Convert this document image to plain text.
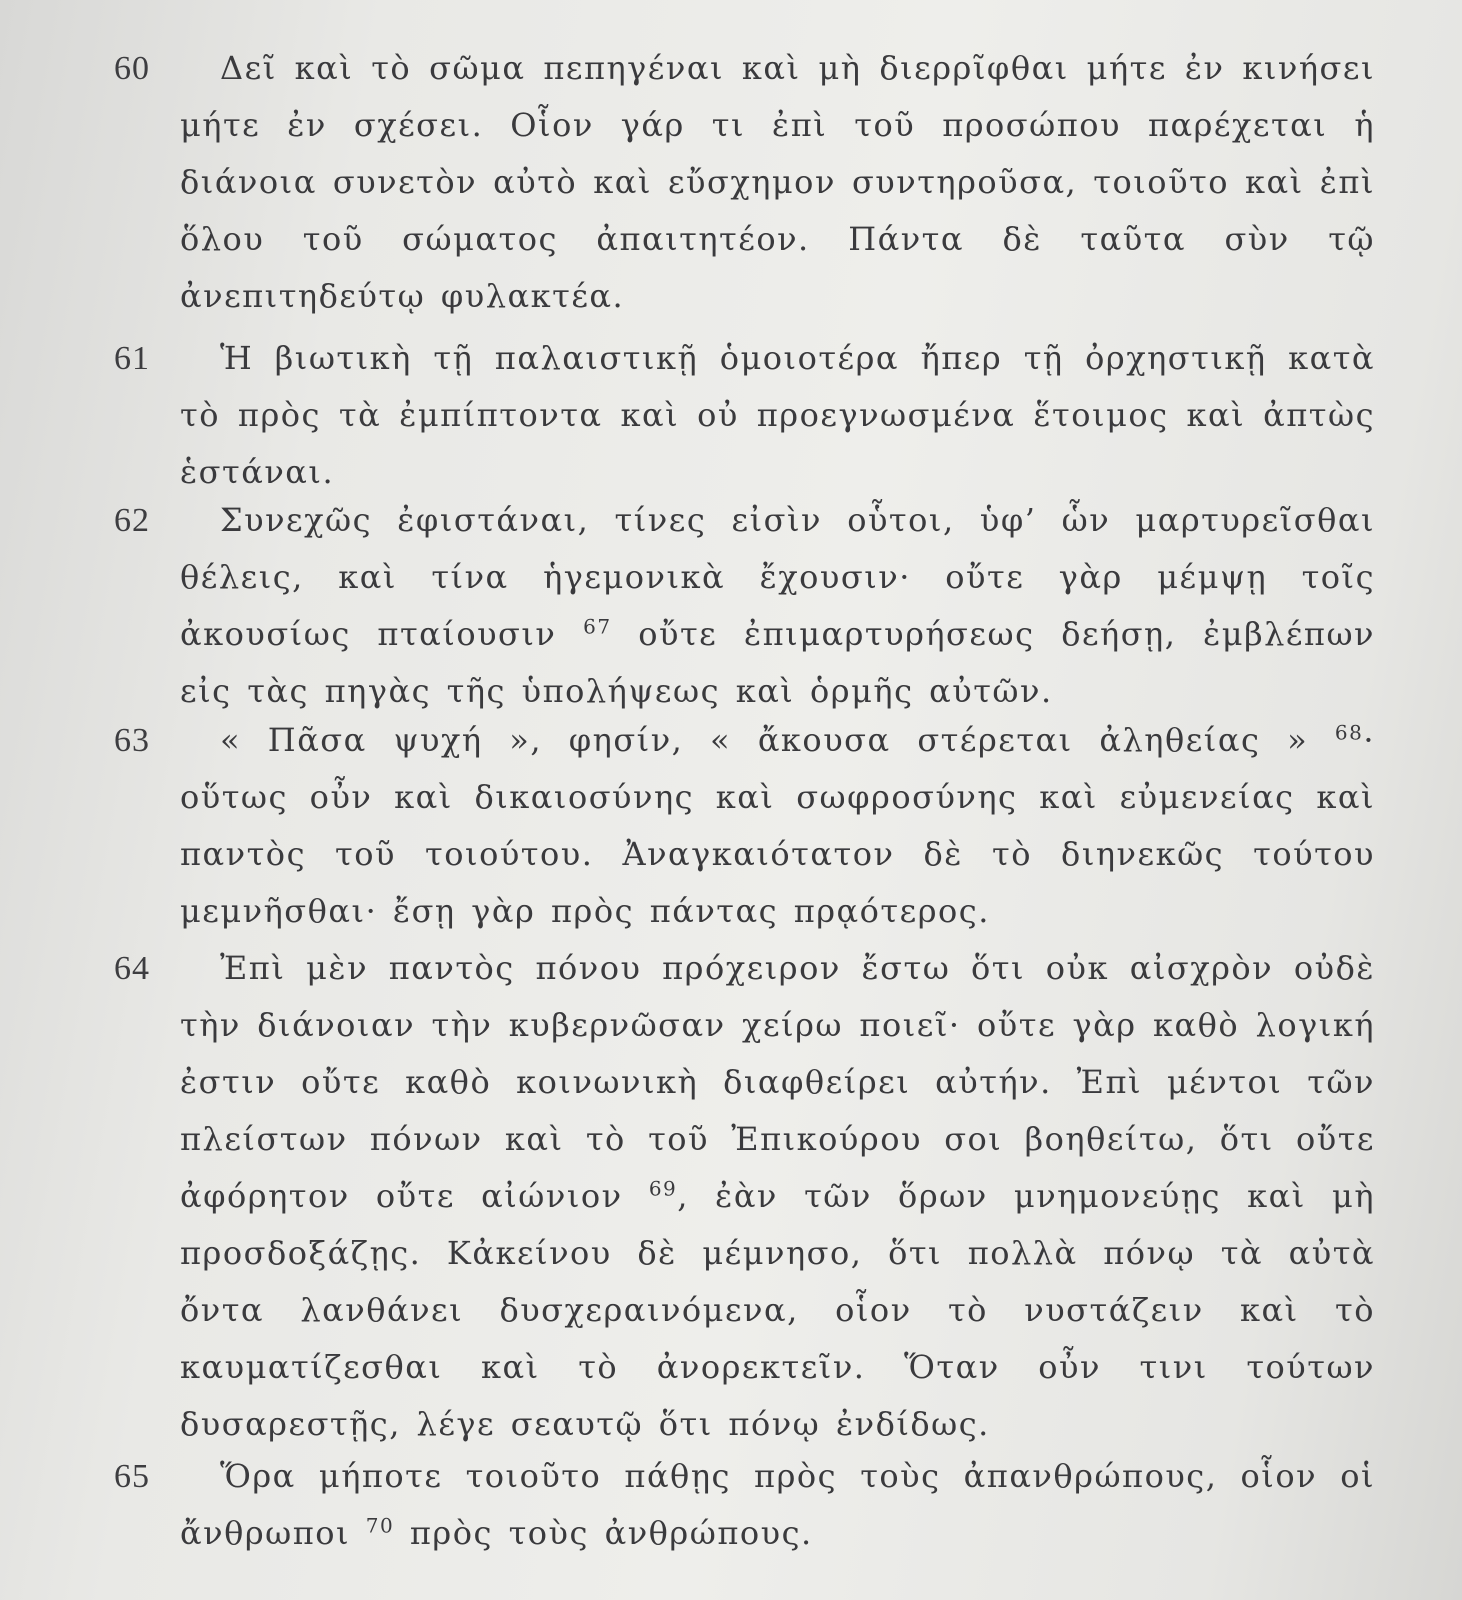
60	Δεῖ καὶ τὸ σῶμα πεπηγέναι καὶ μὴ διερρῖφθαι μήτε ἐν κινήσει μήτε ἐν σχέσει. Οἷον γάρ τι ἐπὶ τοῦ προσώπου παρέχεται ἡ διάνοια συνετὸν αὐτὸ καὶ εὔσχημον συντηροῦσα, τοιοῦτο καὶ ἐπὶ ὅλου τοῦ σώματος ἀπαιτητέον. Πάντα δὲ ταῦτα σὺν τῷ ἀνεπιτηδεύτῳ φυλακτέα.

61	Ἡ βιωτικὴ τῇ παλαιστικῇ ὁμοιοτέρα ἤπερ τῇ ὀρχηστικῇ κατὰ τὸ πρὸς τὰ ἐμπίπτοντα καὶ οὐ προεγνωσμένα ἕτοιμος καὶ ἀπτὼς ἑστάναι.

62	Συνεχῶς ἐφιστάναι, τίνες εἰσὶν οὗτοι, ὑφ’ ὧν μαρτυρεῖσθαι θέλεις, καὶ τίνα ἡγεμονικὰ ἔχουσιν· οὔτε γὰρ μέμψῃ τοῖς ἀκουσίως πταίουσιν $^{67}$ οὔτε ἐπιμαρτυρήσεως δεήσῃ, ἐμβλέπων εἰς τὰς πηγὰς τῆς ὑπολήψεως καὶ ὁρμῆς αὐτῶν.

63	« Πᾶσα ψυχή », φησίν, « ἄκουσα στέρεται ἀληθείας » $^{68}$· οὕτως οὖν καὶ δικαιοσύνης καὶ σωφροσύνης καὶ εὐμενείας καὶ παντὸς τοῦ τοιούτου. Ἀναγκαιότατον δὲ τὸ διηνεκῶς τούτου μεμνῆσθαι· ἔσῃ γὰρ πρὸς πάντας πρᾳότερος.

64	Ἐπὶ μὲν παντὸς πόνου πρόχειρον ἔστω ὅτι οὐκ αἰσχρὸν οὐδὲ τὴν διάνοιαν τὴν κυβερνῶσαν χείρω ποιεῖ· οὔτε γὰρ καθὸ λογική ἐστιν οὔτε καθὸ κοινωνικὴ διαφθείρει αὐτήν. Ἐπὶ μέντοι τῶν πλείστων πόνων καὶ τὸ τοῦ Ἐπικούρου σοι βοηθείτω, ὅτι οὔτε ἀφόρητον οὔτε αἰώνιον $^{69}$, ἐὰν τῶν ὅρων μνημονεύῃς καὶ μὴ προσδοξάζῃς. Κἀκείνου δὲ μέμνησο, ὅτι πολλὰ πόνῳ τὰ αὐτὰ ὄντα λανθάνει δυσχεραινόμενα, οἷον τὸ νυστάζειν καὶ τὸ καυματίζεσθαι καὶ τὸ ἀνορεκτεῖν. Ὅταν οὖν τινι τούτων δυσαρεστῇς, λέγε σεαυτῷ ὅτι πόνῳ ἐνδίδως.

65	Ὅρα μήποτε τοιοῦτο πάθῃς πρὸς τοὺς ἀπανθρώπους, οἷον οἱ ἄνθρωποι $^{70}$ πρὸς τοὺς ἀνθρώπους.
